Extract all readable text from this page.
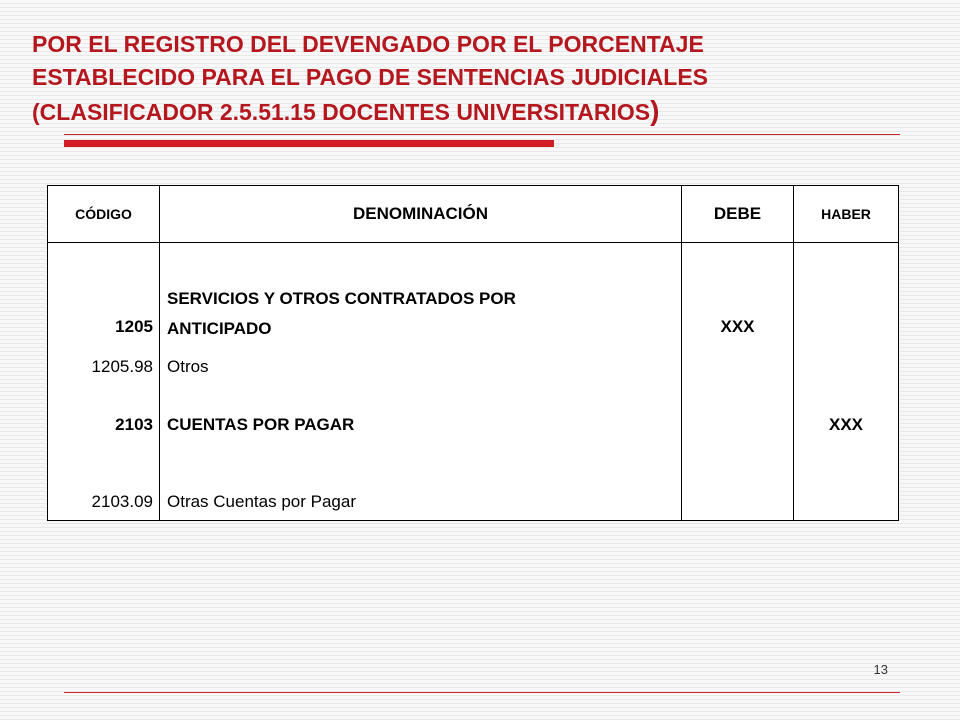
POR EL REGISTRO DEL DEVENGADO POR EL PORCENTAJE
ESTABLECIDO PARA EL PAGO DE SENTENCIAS JUDICIALES
(CLASIFICADOR 2.5.51.15 DOCENTES UNIVERSITARIOS)
CÓDIGO	DENOMINACIÓN	DEBE	HABER
1205	SERVICIOS Y OTROS CONTRATADOS POR
ANTICIPADO	XXX	
1205.98	Otros		
2103	CUENTAS POR PAGAR		XXX
2103.09	Otras Cuentas por Pagar		
13
